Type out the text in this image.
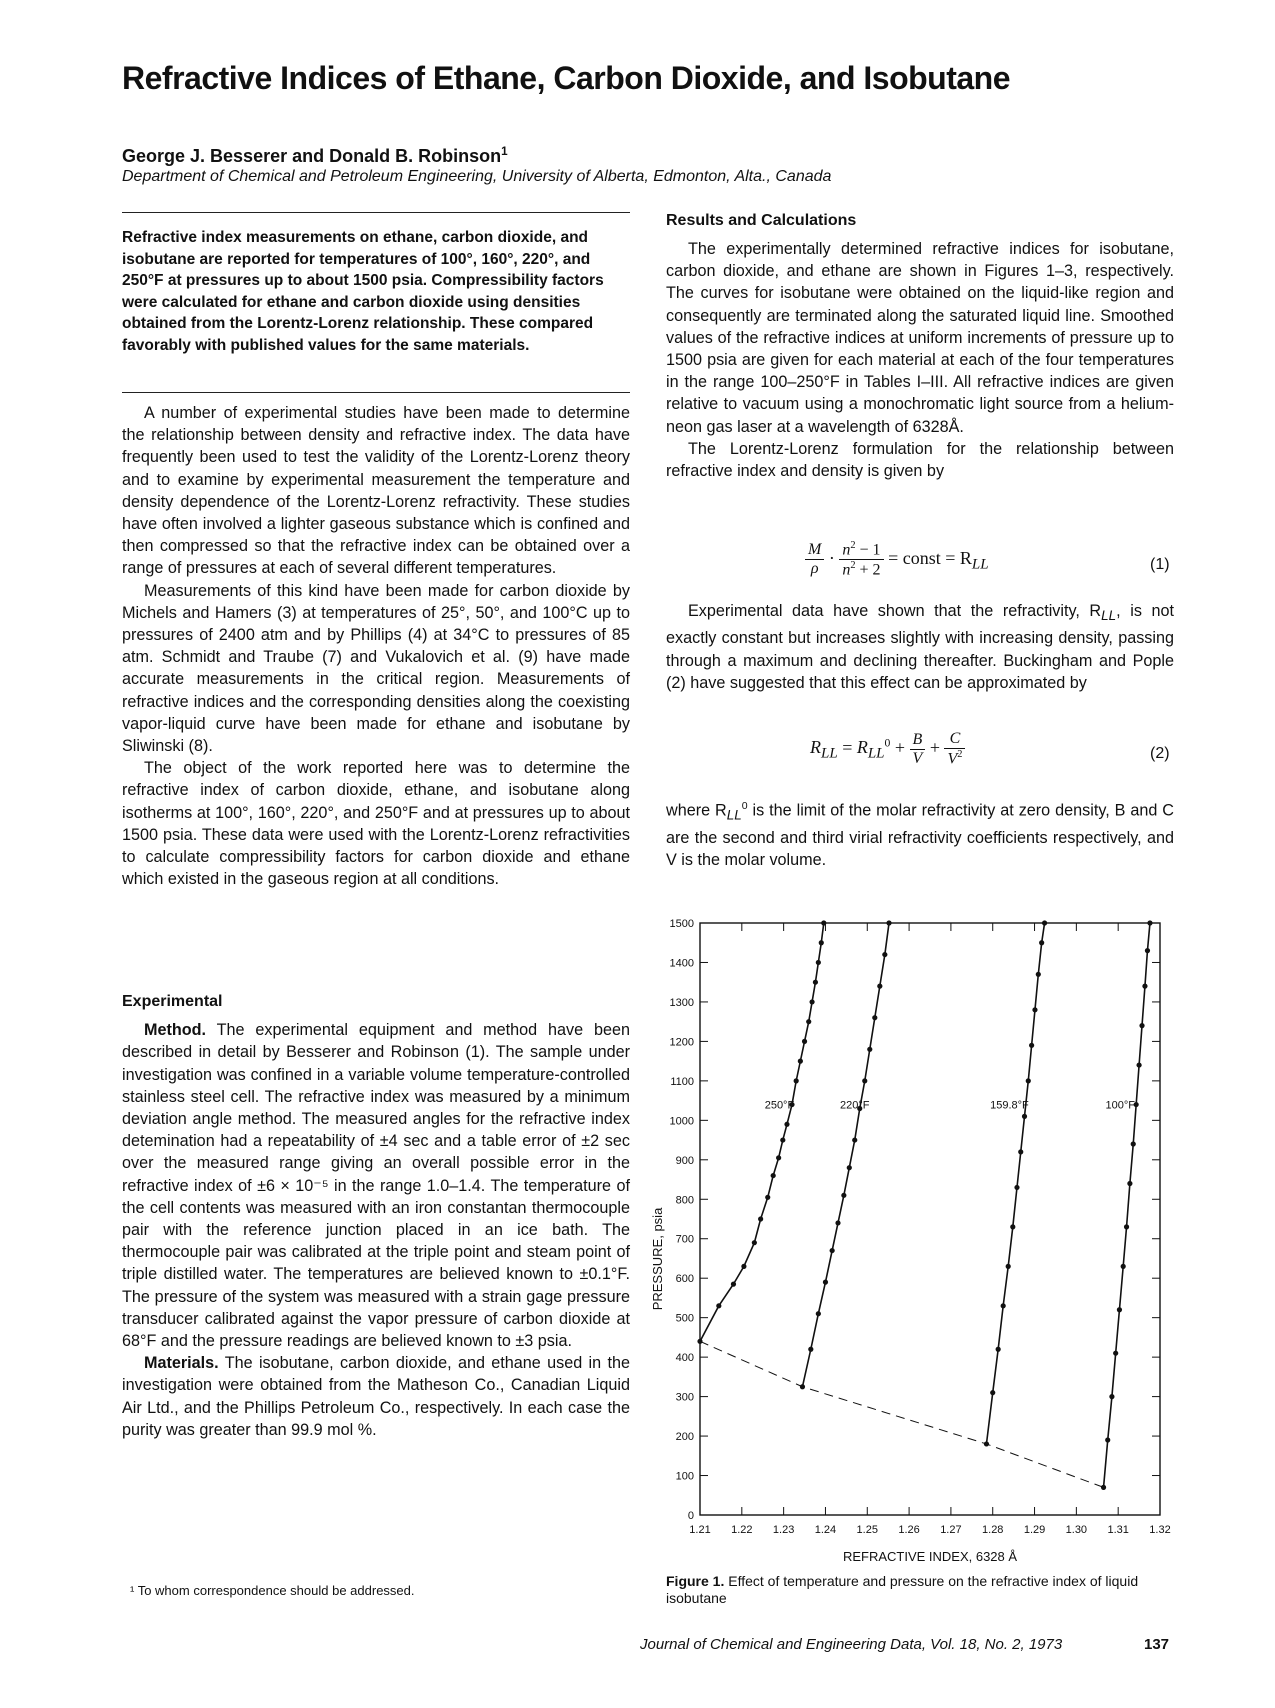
Refractive Indices of Ethane, Carbon Dioxide, and Isobutane
George J. Besserer and Donald B. Robinson$^1$
Department of Chemical and Petroleum Engineering, University of Alberta, Edmonton, Alta., Canada
Refractive index measurements on ethane, carbon dioxide, and isobutane are reported for temperatures of 100°, 160°, 220°, and 250°F at pressures up to about 1500 psia. Compressibility factors were calculated for ethane and carbon dioxide using densities obtained from the Lorentz-Lorenz relationship. These compared favorably with published values for the same materials.

A number of experimental studies have been made to determine the relationship between density and refractive index. The data have frequently been used to test the validity of the Lorentz-Lorenz theory and to examine by experimental measurement the temperature and density dependence of the Lorentz-Lorenz refractivity. These studies have often involved a lighter gaseous substance which is confined and then compressed so that the refractive index can be obtained over a range of pressures at each of several different temperatures.

Measurements of this kind have been made for carbon dioxide by Michels and Hamers (3) at temperatures of 25°, 50°, and 100°C up to pressures of 2400 atm and by Phillips (4) at 34°C to pressures of 85 atm. Schmidt and Traube (7) and Vukalovich et al. (9) have made accurate measurements in the critical region. Measurements of refractive indices and the corresponding densities along the coexisting vapor-liquid curve have been made for ethane and isobutane by Sliwinski (8).

The object of the work reported here was to determine the refractive index of carbon dioxide, ethane, and isobutane along isotherms at 100°, 160°, 220°, and 250°F and at pressures up to about 1500 psia. These data were used with the Lorentz-Lorenz refractivities to calculate compressibility factors for carbon dioxide and ethane which existed in the gaseous region at all conditions.

Experimental

Method. The experimental equipment and method have been described in detail by Besserer and Robinson (1). The sample under investigation was confined in a variable volume temperature-controlled stainless steel cell. The refractive index was measured by a minimum deviation angle method. The measured angles for the refractive index detemination had a repeatability of ±4 sec and a table error of ±2 sec over the measured range giving an overall possible error in the refractive index of ±6 × 10⁻⁵ in the range 1.0–1.4. The temperature of the cell contents was measured with an iron constantan thermocouple pair with the reference junction placed in an ice bath. The thermocouple pair was calibrated at the triple point and steam point of triple distilled water. The temperatures are believed known to ±0.1°F. The pressure of the system was measured with a strain gage pressure transducer calibrated against the vapor pressure of carbon dioxide at 68°F and the pressure readings are believed known to ±3 psia.

Materials. The isobutane, carbon dioxide, and ethane used in the investigation were obtained from the Matheson Co., Canadian Liquid Air Ltd., and the Phillips Petroleum Co., respectively. In each case the purity was greater than 99.9 mol %.

¹ To whom correspondence should be addressed.
Results and Calculations

The experimentally determined refractive indices for isobutane, carbon dioxide, and ethane are shown in Figures 1–3, respectively. The curves for isobutane were obtained on the liquid-like region and consequently are terminated along the saturated liquid line. Smoothed values of the refractive indices at uniform increments of pressure up to 1500 psia are given for each material at each of the four temperatures in the range 100–250°F in Tables I–III. All refractive indices are given relative to vacuum using a monochromatic light source from a helium-neon gas laser at a wavelength of 6328Å.

The Lorentz-Lorenz formulation for the relationship between refractive index and density is given by

$\frac{M}{\rho} \cdot \frac{n^2 - 1}{n^2 + 2}$ = const = $R_{LL}$	(1)

Experimental data have shown that the refractivity, $R_{LL}$, is not exactly constant but increases slightly with increasing density, passing through a maximum and declining thereafter. Buckingham and Pople (2) have suggested that this effect can be approximated by

$R_{LL} = R_{LL}^0 + \frac{B}{V} + \frac{C}{V^2}$	(2)

where $R_{LL}^0$ is the limit of the molar refractivity at zero density, B and C are the second and third virial refractivity coefficients respectively, and V is the molar volume.

1.21 1.22 1.23 1.24 1.25 1.26 1.27 1.28 1.29 1.30 1.31 1.32
0
100
200
300
400
500
600
700
800
900
1000
1100
1200
1300
1400
1500
REFRACTIVE INDEX, 6328 Å
PRESSURE, psia
250°F	220°F	159.8°F	100°F
Figure 1. Effect of temperature and pressure on the refractive index of liquid isobutane
Journal of Chemical and Engineering Data, Vol. 18, No. 2, 1973	137
